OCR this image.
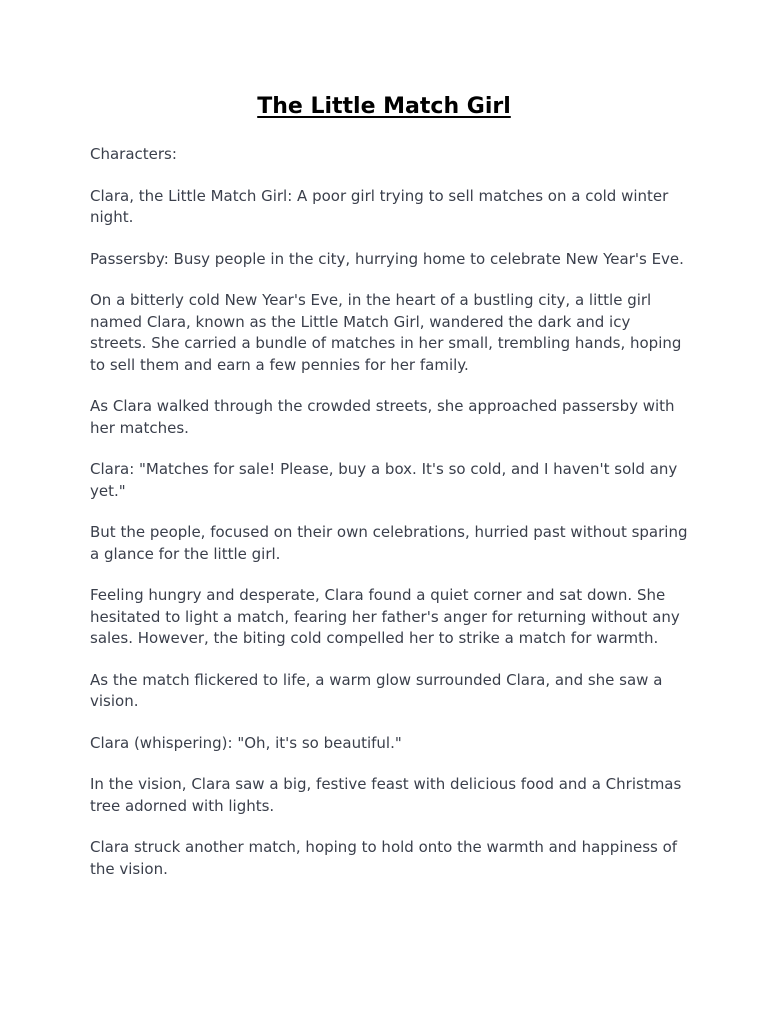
The Little Match Girl

Characters:

Clara, the Little Match Girl: A poor girl trying to sell matches on a cold winter night.

Passersby: Busy people in the city, hurrying home to celebrate New Year's Eve.

On a bitterly cold New Year's Eve, in the heart of a bustling city, a little girl named Clara, known as the Little Match Girl, wandered the dark and icy streets. She carried a bundle of matches in her small, trembling hands, hoping to sell them and earn a few pennies for her family.

As Clara walked through the crowded streets, she approached passersby with her matches.

Clara: "Matches for sale! Please, buy a box. It's so cold, and I haven't sold any yet."

But the people, focused on their own celebrations, hurried past without sparing a glance for the little girl.

Feeling hungry and desperate, Clara found a quiet corner and sat down. She hesitated to light a match, fearing her father's anger for returning without any sales. However, the biting cold compelled her to strike a match for warmth.

As the match flickered to life, a warm glow surrounded Clara, and she saw a vision.

Clara (whispering): "Oh, it's so beautiful."

In the vision, Clara saw a big, festive feast with delicious food and a Christmas tree adorned with lights.

Clara struck another match, hoping to hold onto the warmth and happiness of the vision.
